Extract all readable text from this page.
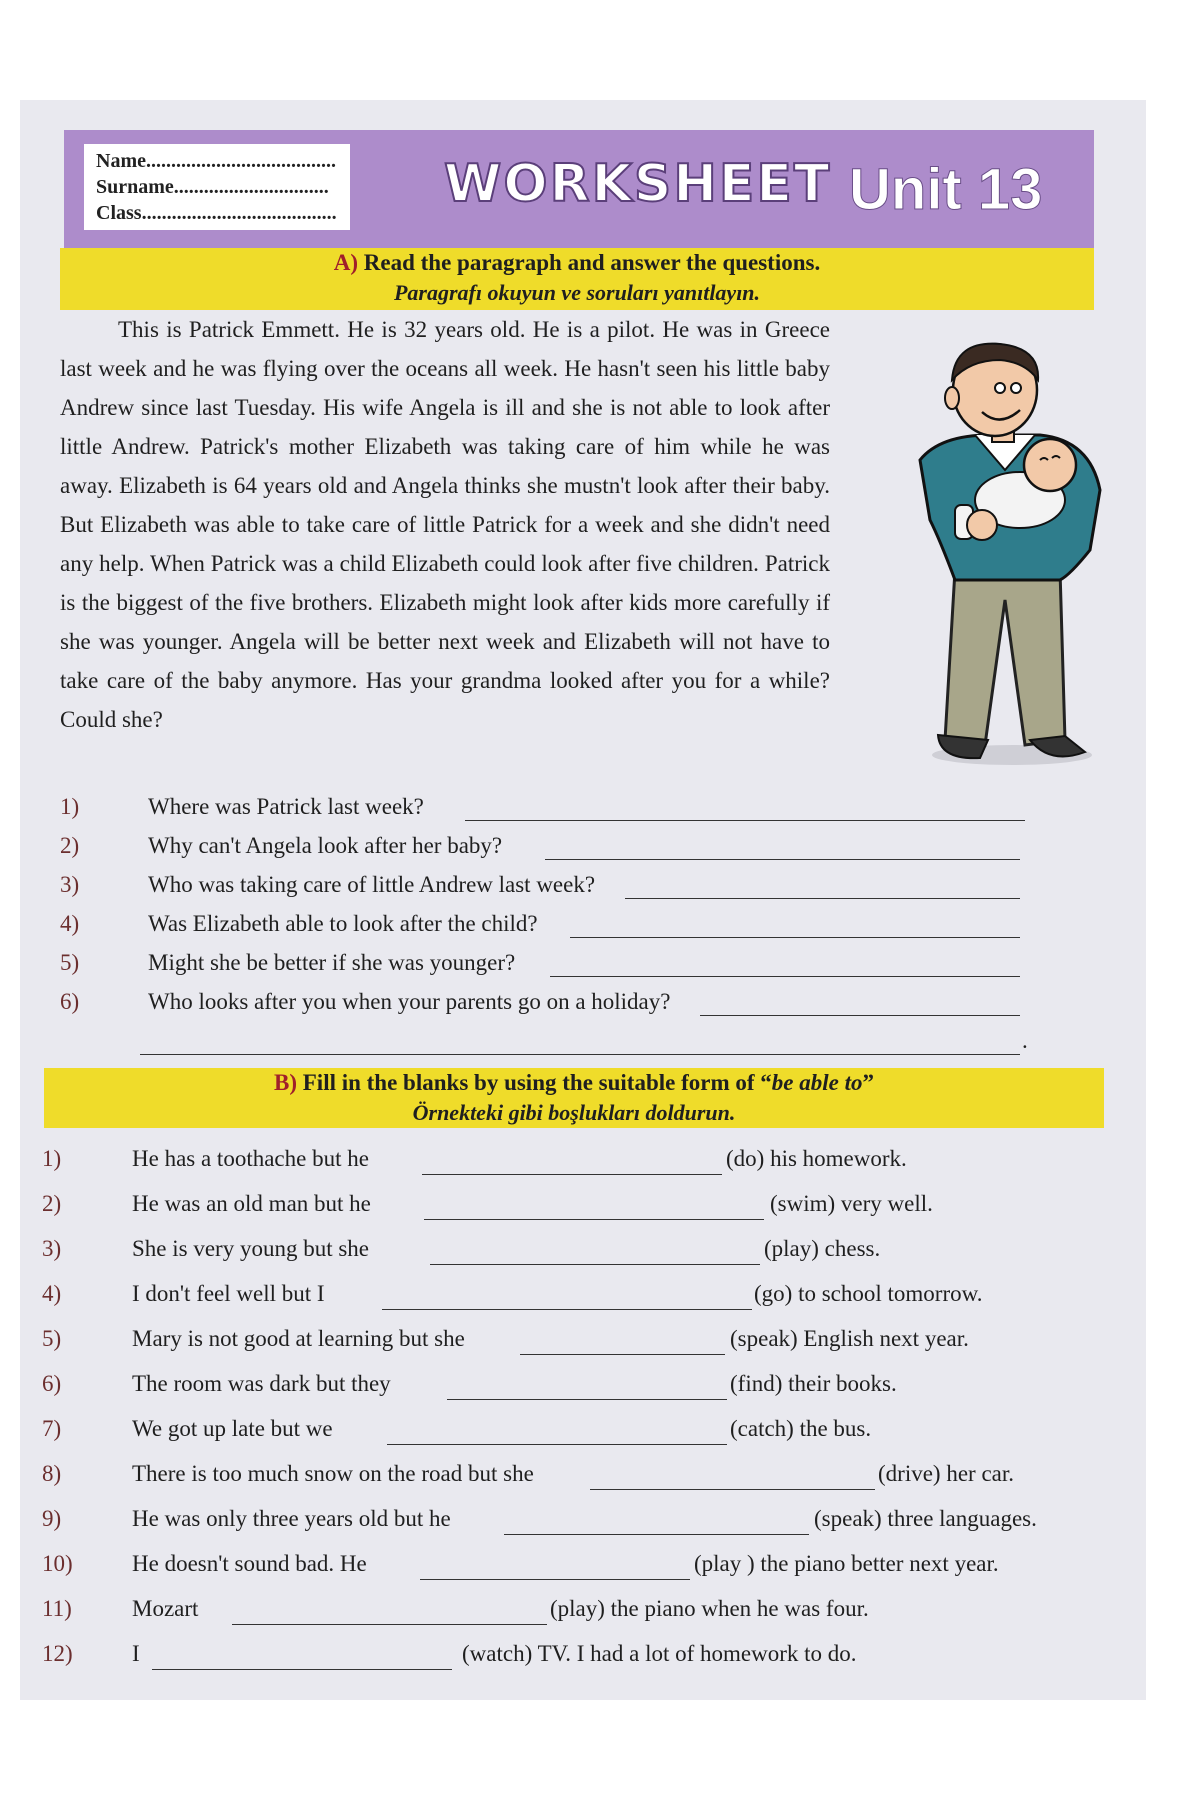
Name......................................
Surname...............................
Class....................................... WORKSHEET Unit 13
A) Read the paragraph and answer the questions.
Paragrafı okuyun ve soruları yanıtlayın.

This is Patrick Emmett. He is 32 years old. He is a pilot. He was in Greece last week and he was flying over the oceans all week. He hasn't seen his little baby Andrew since last Tuesday. His wife Angela is ill and she is not able to look after little Andrew. Patrick's mother Elizabeth was taking care of him while he was away. Elizabeth is 64 years old and Angela thinks she mustn't look after their baby. But Elizabeth was able to take care of little Patrick for a week and she didn't need any help. When Patrick was a child Elizabeth could look after five children. Patrick is the biggest of the five brothers. Elizabeth might look after kids more carefully if she was younger. Angela will be better next week and Elizabeth will not have to take care of the baby anymore. Has your grandma looked after you for a while? Could she?

1)	Where was Patrick last week?
2)	Why can't Angela look after her baby?
3)	Who was taking care of little Andrew last week?
4)	Was Elizabeth able to look after the child?
5)	Might she be better if she was younger?
6)	Who looks after you when your parents go on a holiday?
.
B) Fill in the blanks by using the suitable form of “be able to”
Örnekteki gibi boşlukları doldurun.
1)	He has a toothache but he	(do) his homework.
2)	He was an old man but he	(swim) very well.
3)	She is very young but she	(play) chess.
4)	I don't feel well but I	(go) to school tomorrow.
5)	Mary is not good at learning but she	(speak) English next year.
6)	The room was dark but they	(find) their books.
7)	We got up late but we	(catch) the bus.
8)	There is too much snow on the road but she	(drive) her car.
9)	He was only three years old but he	(speak) three languages.
10)	He doesn't sound bad. He	(play ) the piano better next year.
11)	Mozart	(play) the piano when he was four.
12)	I	(watch) TV. I had a lot of homework to do.
